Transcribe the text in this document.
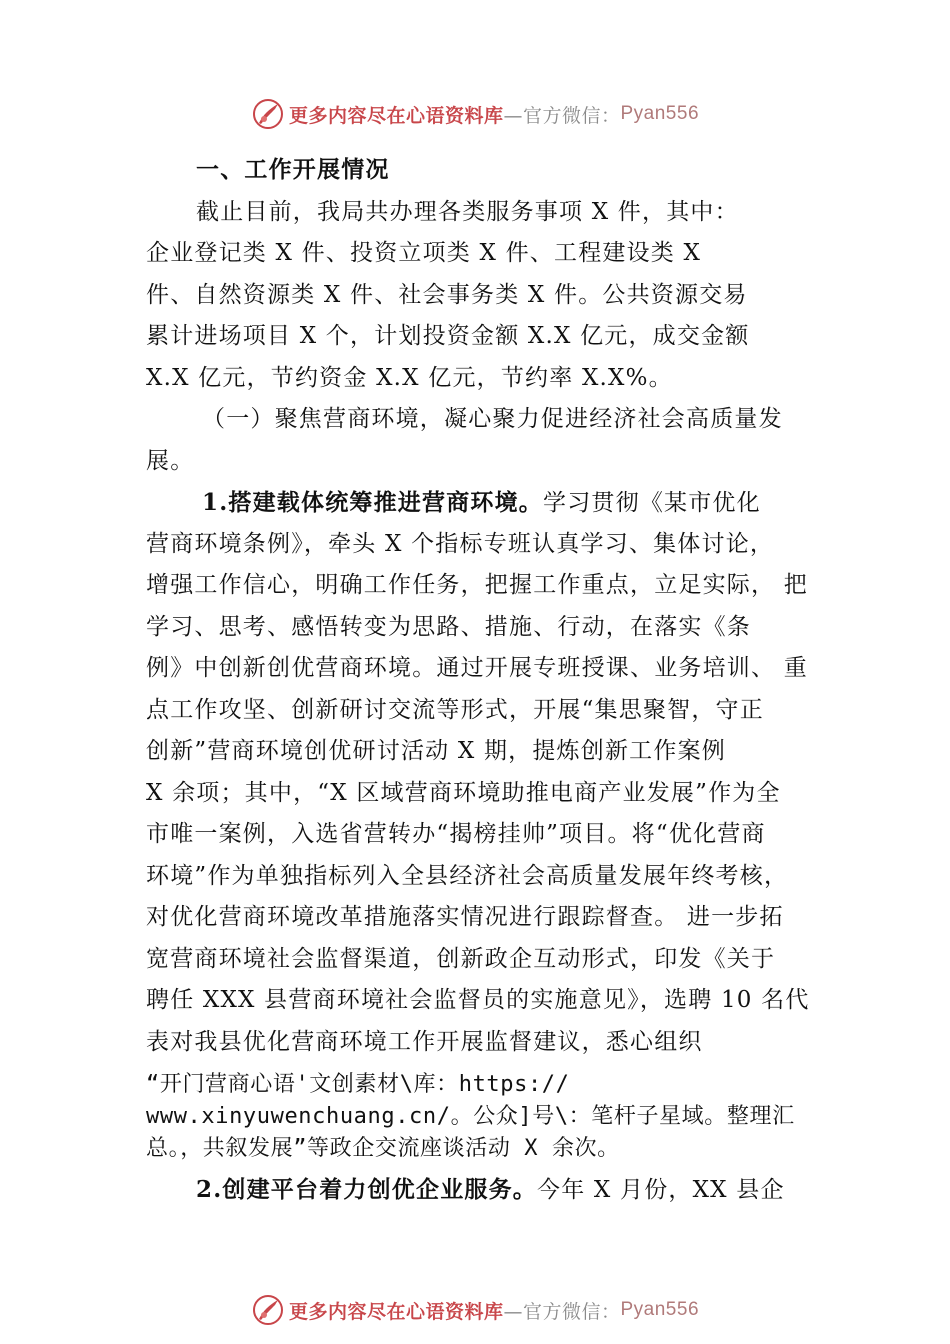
更多内容尽在心语资料库 —官方微信： Pyan556
一、工作开展情况
截止目前，我局共办理各类服务事项 X 件，其中：
企业登记类 X 件、投资立项类 X 件、工程建设类 X
件、自然资源类 X 件、社会事务类 X 件。公共资源交易
累计进场项目 X 个，计划投资金额 X.X 亿元，成交金额
X.X 亿元，节约资金 X.X 亿元，节约率 X.X%。
（一）聚焦营商环境，凝心聚力促进经济社会高质量发
展。
1.搭建载体统筹推进营商环境。学习贯彻《某市优化
营商环境条例》，牵头 X 个指标专班认真学习、集体讨论，
增强工作信心，明确工作任务，把握工作重点，立足实际， 把
学习、思考、感悟转变为思路、措施、行动，在落实《条
例》中创新创优营商环境。通过开展专班授课、业务培训、 重
点工作攻坚、创新研讨交流等形式，开展“集思聚智，守正
创新”营商环境创优研讨活动 X 期，提炼创新工作案例
X 余项；其中，“X 区域营商环境助推电商产业发展”作为全
市唯一案例，入选省营转办“揭榜挂帅”项目。将“优化营商
环境”作为单独指标列入全县经济社会高质量发展年终考核，
对优化营商环境改革措施落实情况进行跟踪督查。 进一步拓
宽营商环境社会监督渠道，创新政企互动形式，印发《关于
聘任 XXX 县营商环境社会监督员的实施意见》，选聘 10 名代
表对我县优化营商环境工作开展监督建议，悉心组织
“开门营商心语'文创素材\库：https://
www.xinyuwenchuang.cn/。公众]号\：笔杆子星域。整理汇
总。，共叙发展”等政企交流座谈活动 X 余次。
2.创建平台着力创优企业服务。今年 X 月份，XX 县企
更多内容尽在心语资料库 —官方微信： Pyan556
